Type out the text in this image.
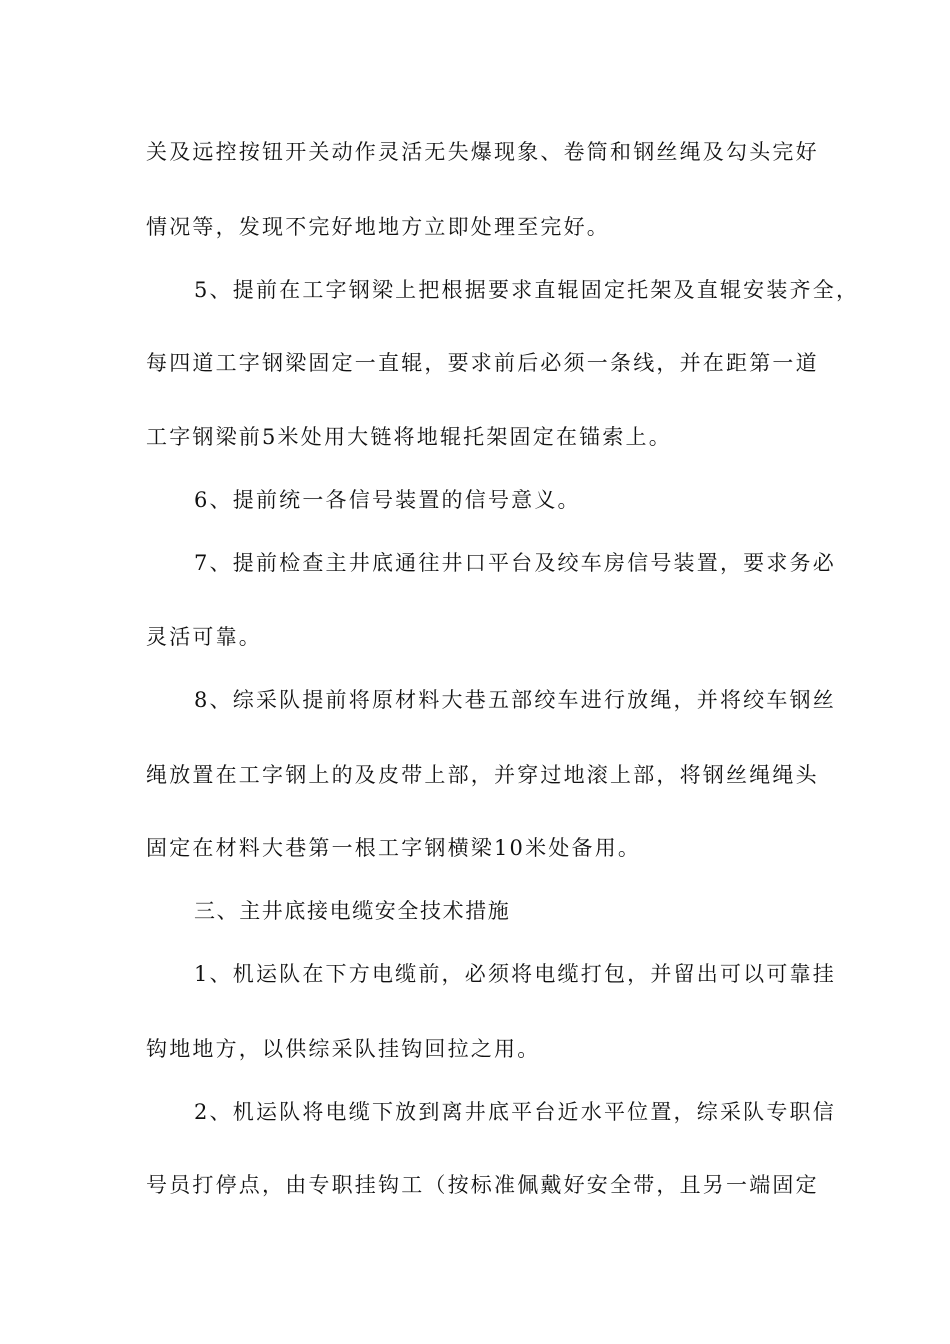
关及远控按钮开关动作灵活无失爆现象、卷筒和钢丝绳及勾头完好
情况等，发现不完好地地方立即处理至完好。
5、提前在工字钢梁上把根据要求直辊固定托架及直辊安装齐全，
每四道工字钢梁固定一直辊，要求前后必须一条线，并在距第一道
工字钢梁前5米处用大链将地辊托架固定在锚索上。
6、提前统一各信号装置的信号意义。
7、提前检查主井底通往井口平台及绞车房信号装置，要求务必
灵活可靠。
8、综采队提前将原材料大巷五部绞车进行放绳，并将绞车钢丝
绳放置在工字钢上的及皮带上部，并穿过地滚上部，将钢丝绳绳头
固定在材料大巷第一根工字钢横梁10米处备用。
三、主井底接电缆安全技术措施
1、机运队在下方电缆前，必须将电缆打包，并留出可以可靠挂
钩地地方，以供综采队挂钩回拉之用。
2、机运队将电缆下放到离井底平台近水平位置，综采队专职信
号员打停点，由专职挂钩工（按标准佩戴好安全带，且另一端固定
